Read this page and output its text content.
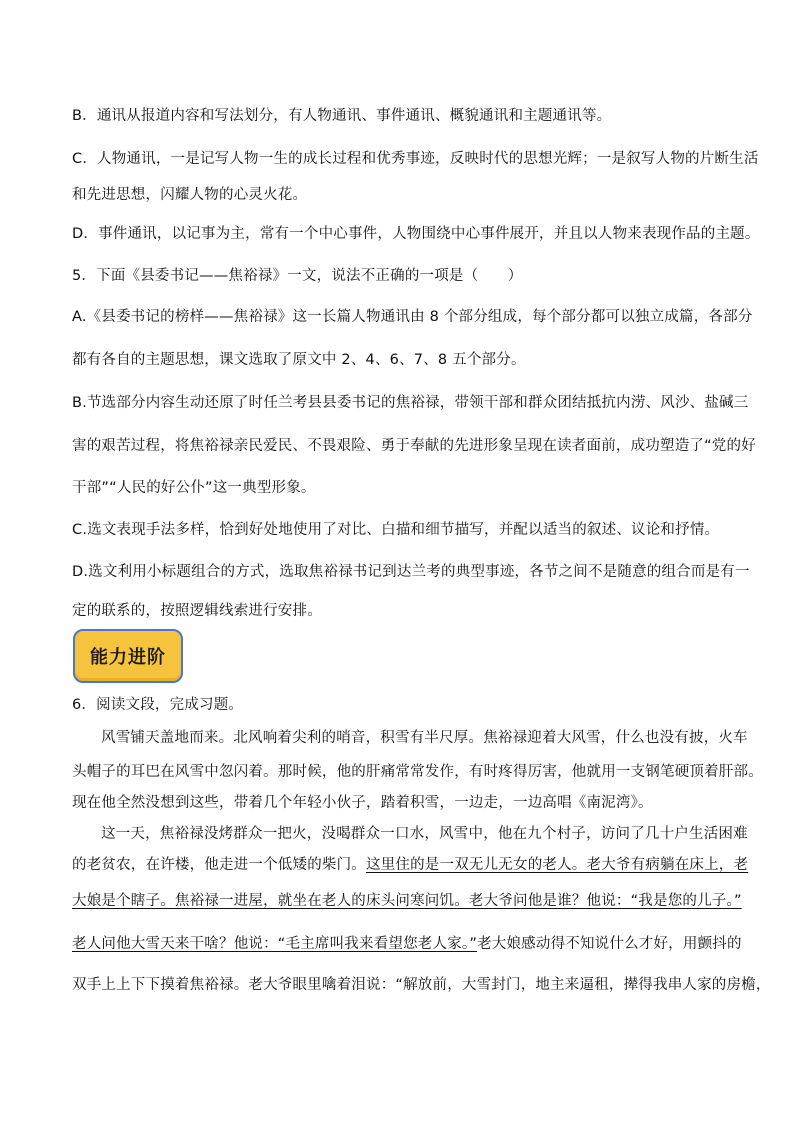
B．通讯从报道内容和写法划分，有人物通讯、事件通讯、概貌通讯和主题通讯等。
C．人物通讯，一是记写人物一生的成长过程和优秀事迹，反映时代的思想光辉；一是叙写人物的片断生活
和先进思想，闪耀人物的心灵火花。
D．事件通讯，以记事为主，常有一个中心事件，人物围绕中心事件展开，并且以人物来表现作品的主题。
5．下面《县委书记——焦裕禄》一文，说法不正确的一项是（　　）
A.《县委书记的榜样——焦裕禄》这一长篇人物通讯由 8 个部分组成，每个部分都可以独立成篇，各部分
都有各自的主题思想，课文选取了原文中 2、4、6、7、8 五个部分。
B.节选部分内容生动还原了时任兰考县县委书记的焦裕禄，带领干部和群众团结抵抗内涝、风沙、盐碱三
害的艰苦过程，将焦裕禄亲民爱民、不畏艰险、勇于奉献的先进形象呈现在读者面前，成功塑造了“党的好
干部”“人民的好公仆”这一典型形象。
C.选文表现手法多样，恰到好处地使用了对比、白描和细节描写，并配以适当的叙述、议论和抒情。
D.选文利用小标题组合的方式，选取焦裕禄书记到达兰考的典型事迹，各节之间不是随意的组合而是有一
定的联系的，按照逻辑线索进行安排。
能力进阶
6．阅读文段，完成习题。
风雪铺天盖地而来。北风响着尖利的哨音，积雪有半尺厚。焦裕禄迎着大风雪，什么也没有披，火车
头帽子的耳巴在风雪中忽闪着。那时候，他的肝痛常常发作，有时疼得厉害，他就用一支钢笔硬顶着肝部。
现在他全然没想到这些，带着几个年轻小伙子，踏着积雪，一边走，一边高唱《南泥湾》。
这一天，焦裕禄没烤群众一把火，没喝群众一口水，风雪中，他在九个村子，访问了几十户生活困难
的老贫农，在许楼，他走进一个低矮的柴门。这里住的是一双无儿无女的老人。老大爷有病躺在床上，老
大娘是个瞎子。焦裕禄一进屋，就坐在老人的床头问寒问饥。老大爷问他是谁？他说：“我是您的儿子。”
老人问他大雪天来干啥？他说：“毛主席叫我来看望您老人家。”老大娘感动得不知说什么才好，用颤抖的
双手上上下下摸着焦裕禄。老大爷眼里噙着泪说：“解放前，大雪封门，地主来逼租，撵得我串人家的房檐，
